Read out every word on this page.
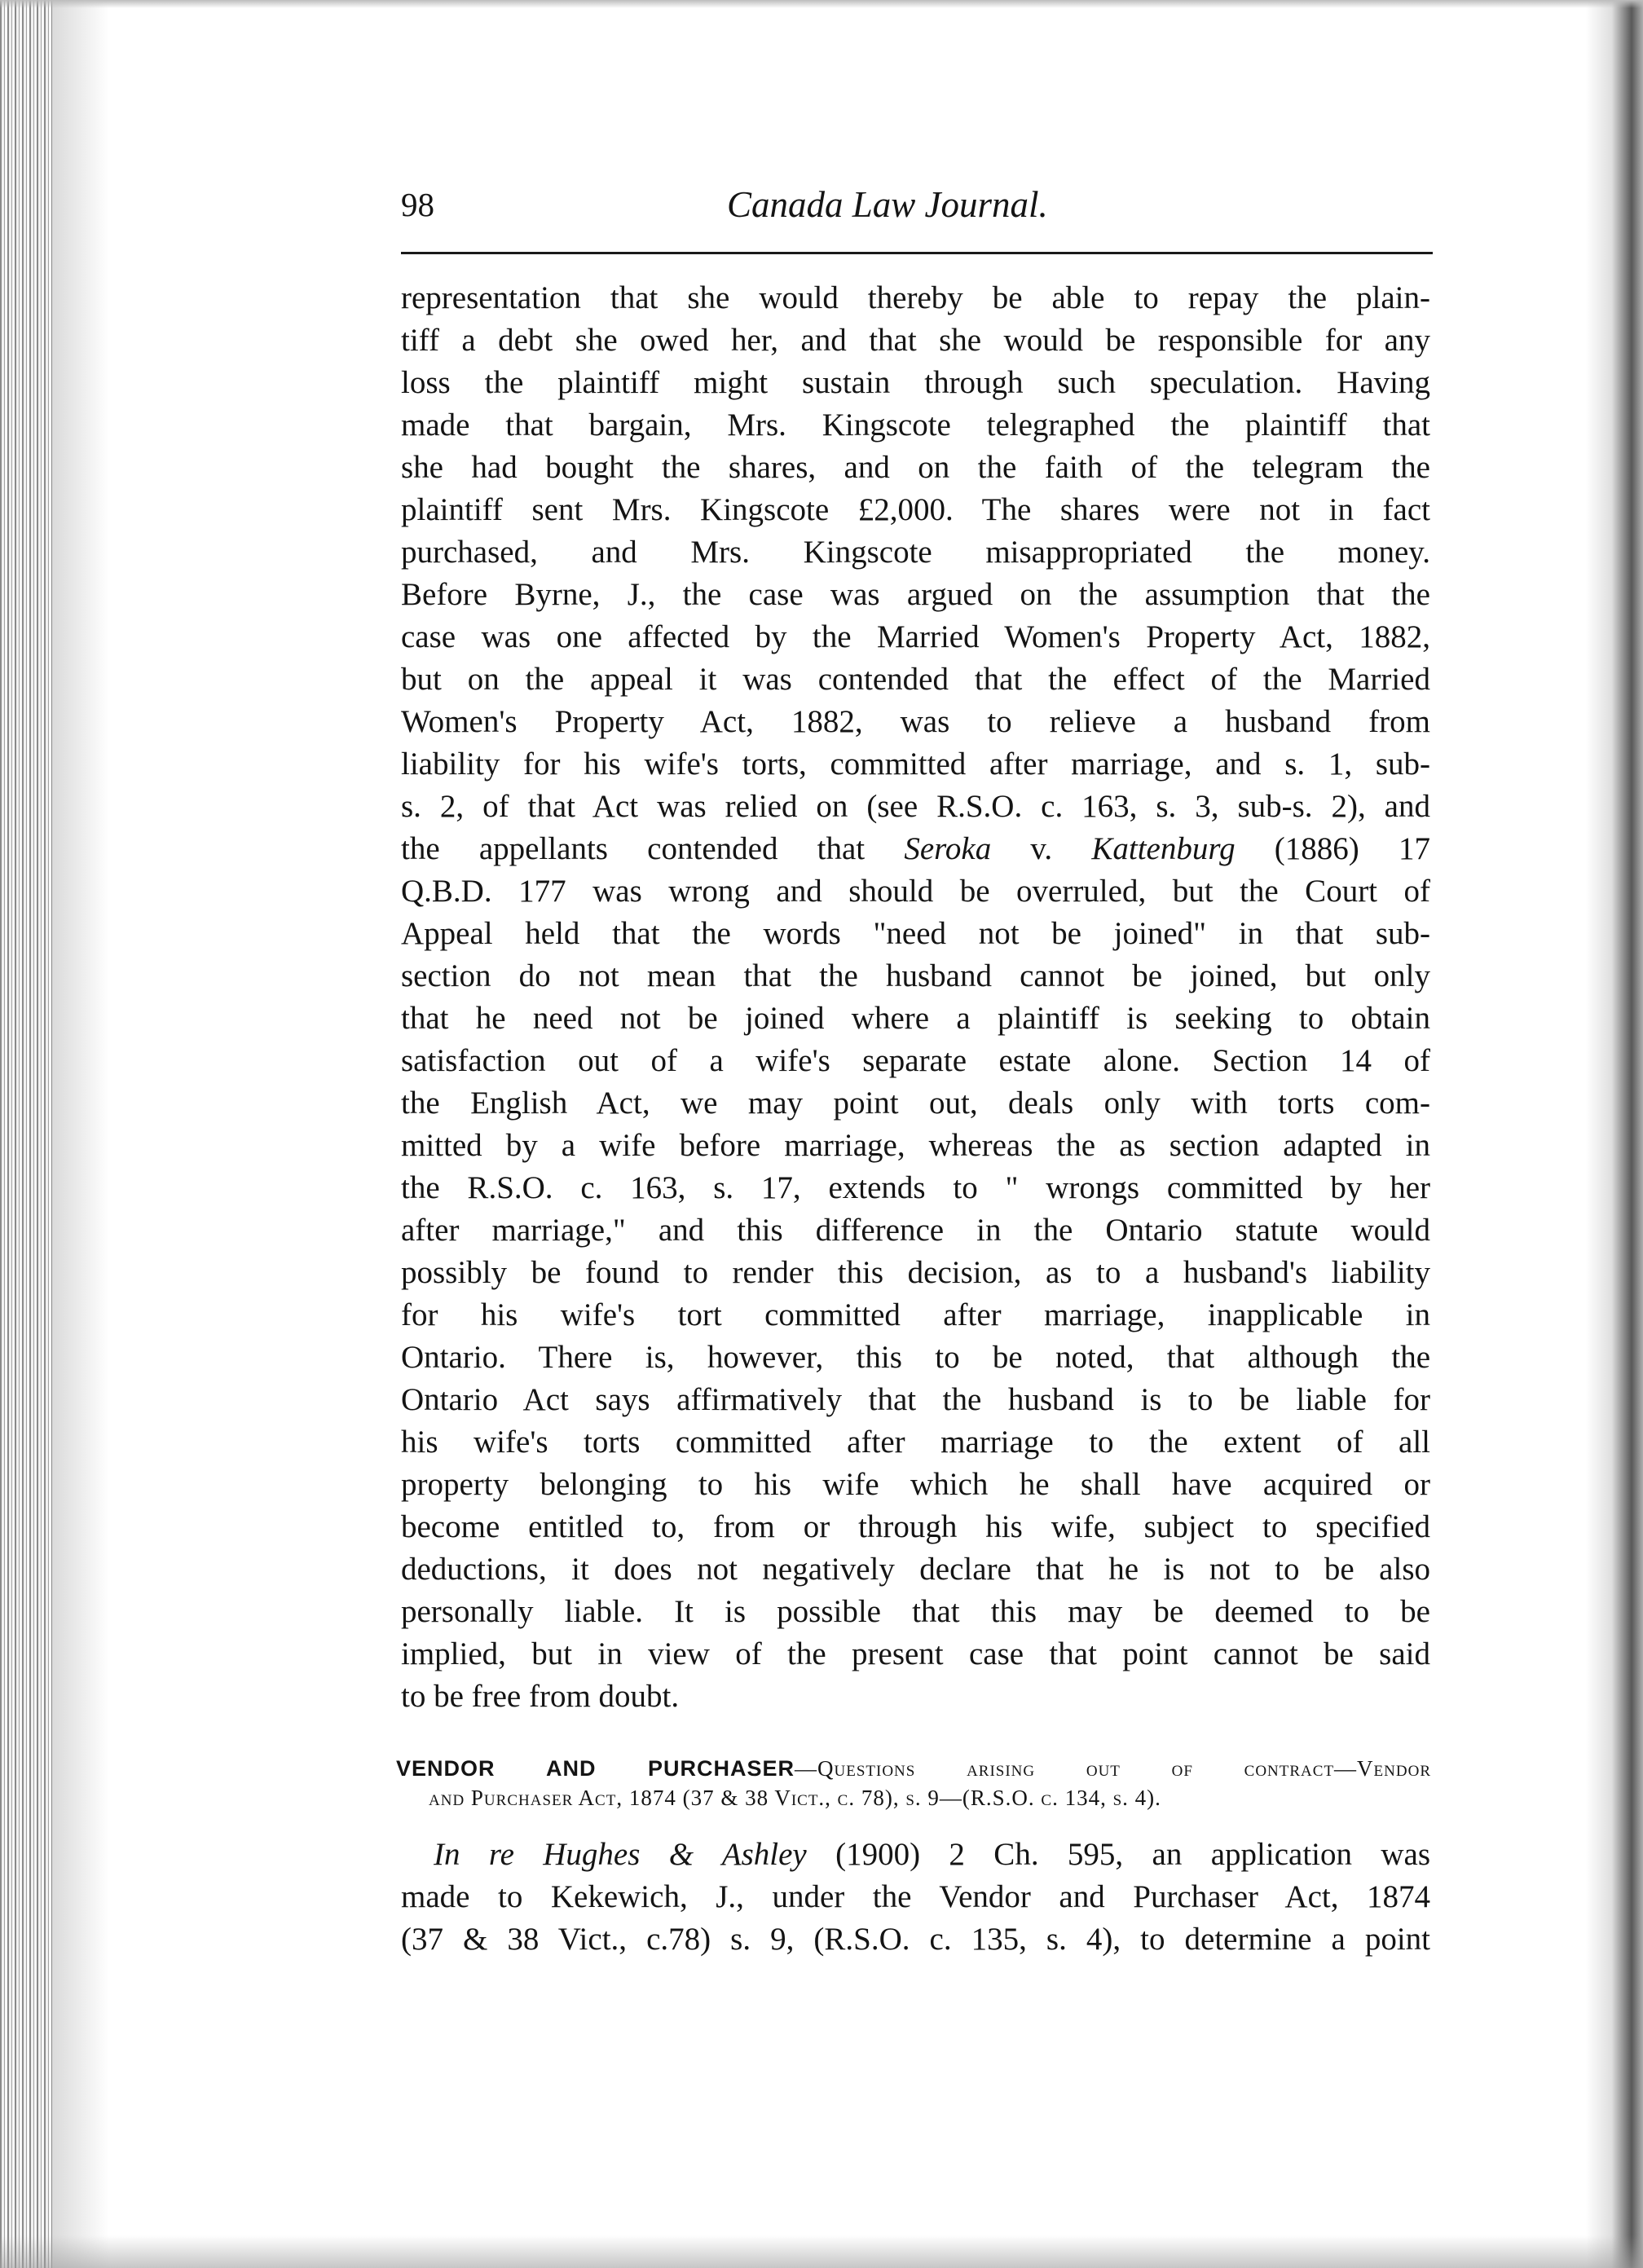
98	Canada Law Journal.
representation that she would thereby be able to repay the plain-
tiff a debt she owed her, and that she would be responsible for any
loss the plaintiff might sustain through such speculation. Having
made that bargain, Mrs. Kingscote telegraphed the plaintiff that
she had bought the shares, and on the faith of the telegram the
plaintiff sent Mrs. Kingscote £2,000. The shares were not in fact
purchased, and Mrs. Kingscote misappropriated the money.
Before Byrne, J., the case was argued on the assumption that the
case was one affected by the Married Women's Property Act, 1882,
but on the appeal it was contended that the effect of the Married
Women's Property Act, 1882, was to relieve a husband from
liability for his wife's torts, committed after marriage, and s. 1, sub-
s. 2, of that Act was relied on (see R.S.O. c. 163, s. 3, sub-s. 2), and
the appellants contended that Seroka v. Kattenburg (1886) 17
Q.B.D. 177 was wrong and should be overruled, but the Court of
Appeal held that the words "need not be joined" in that sub-
section do not mean that the husband cannot be joined, but only
that he need not be joined where a plaintiff is seeking to obtain
satisfaction out of a wife's separate estate alone. Section 14 of
the English Act, we may point out, deals only with torts com-
mitted by a wife before marriage, whereas the as section adapted in
the R.S.O. c. 163, s. 17, extends to " wrongs committed by her
after marriage," and this difference in the Ontario statute would
possibly be found to render this decision, as to a husband's liability
for his wife's tort committed after marriage, inapplicable in
Ontario. There is, however, this to be noted, that although the
Ontario Act says affirmatively that the husband is to be liable for
his wife's torts committed after marriage to the extent of all
property belonging to his wife which he shall have acquired or
become entitled to, from or through his wife, subject to specified
deductions, it does not negatively declare that he is not to be also
personally liable. It is possible that this may be deemed to be
implied, but in view of the present case that point cannot be said
to be free from doubt.
VENDOR AND PURCHASER—Questions arising out of contract—Vendor
and Purchaser Act, 1874 (37 & 38 Vict., c. 78), s. 9—(R.S.O. c. 134, s. 4).
In re Hughes & Ashley (1900) 2 Ch. 595, an application was
made to Kekewich, J., under the Vendor and Purchaser Act, 1874
(37 & 38 Vict., c.78) s. 9, (R.S.O. c. 135, s. 4), to determine a point
